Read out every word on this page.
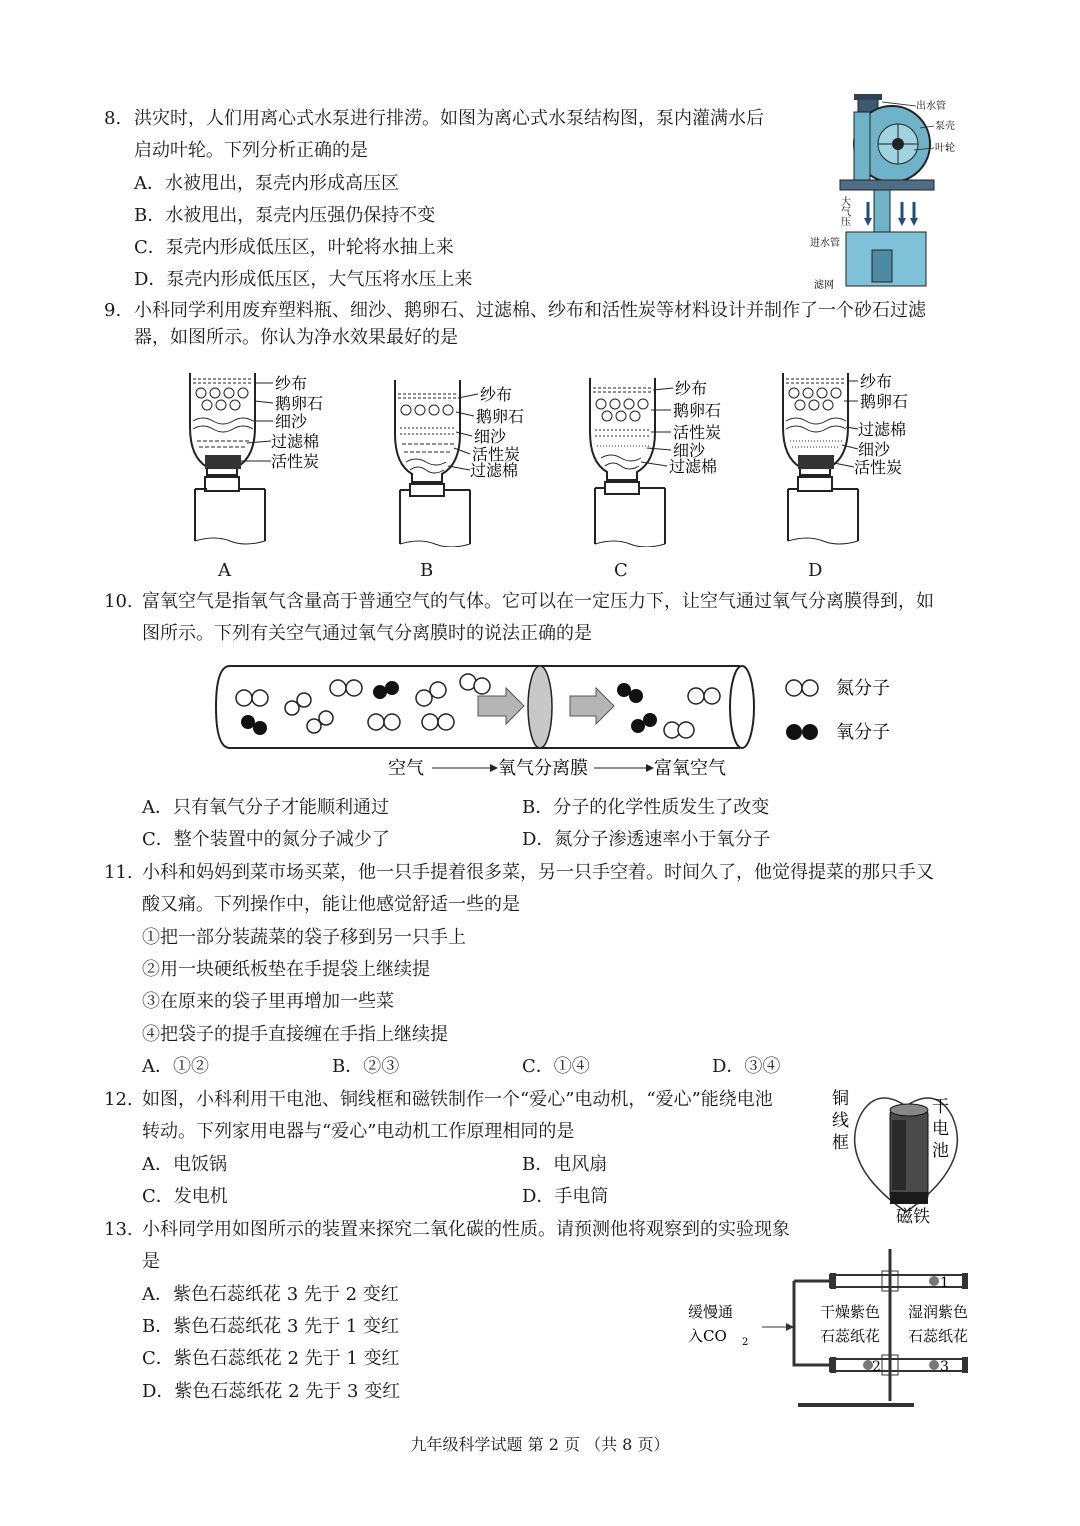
8. 洪灾时，人们用离心式水泵进行排涝。如图为离心式水泵结构图，泵内灌满水后
启动叶轮。下列分析正确的是
A．水被甩出，泵壳内形成高压区
B．水被甩出，泵壳内压强仍保持不变
C．泵壳内形成低压区，叶轮将水抽上来
D．泵壳内形成低压区，大气压将水压上来
出水管
泵壳
叶轮
大气压
进水管
滤网
9. 小科同学利用废弃塑料瓶、细沙、鹅卵石、过滤棉、纱布和活性炭等材料设计并制作了一个砂石过滤
器，如图所示。你认为净水效果最好的是
纱布
鹅卵石
细沙
过滤棉
活性炭
A
纱布
鹅卵石
细沙
活性炭
过滤棉
B
纱布
鹅卵石
活性炭
细沙
过滤棉
C
纱布
鹅卵石
过滤棉
细沙
活性炭
D
10. 富氧空气是指氧气含量高于普通空气的气体。它可以在一定压力下，让空气通过氧气分离膜得到，如
图所示。下列有关空气通过氧气分离膜时的说法正确的是
氮分子
氧分子
空气	氧气分离膜	富氧空气
A．只有氧气分子才能顺利通过	B．分子的化学性质发生了改变
C．整个装置中的氮分子减少了	D．氮分子渗透速率小于氧分子
11. 小科和妈妈到菜市场买菜，他一只手提着很多菜，另一只手空着。时间久了，他觉得提菜的那只手又
酸又痛。下列操作中，能让他感觉舒适一些的是
①把一部分装蔬菜的袋子移到另一只手上
②用一块硬纸板垫在手提袋上继续提
③在原来的袋子里再增加一些菜
④把袋子的提手直接缠在手指上继续提
A．①②	B．②③	C．①④	D．③④
12. 如图，小科利用干电池、铜线框和磁铁制作一个“爱心”电动机，“爱心”能绕电池
转动。下列家用电器与“爱心”电动机工作原理相同的是
A．电饭锅	B．电风扇
C．发电机	D．手电筒
铜
线
框
干
电
池
磁铁
13. 小科同学用如图所示的装置来探究二氧化碳的性质。请预测他将观察到的实验现象
是
A．紫色石蕊纸花 3 先于 2 变红
B．紫色石蕊纸花 3 先于 1 变红
C．紫色石蕊纸花 2 先于 1 变红
D．紫色石蕊纸花 2 先于 3 变红
1
2	3
缓慢通
入CO 2
干燥紫色
石蕊纸花
湿润紫色
石蕊纸花
九年级科学试题 第 2 页 （共 8 页）
